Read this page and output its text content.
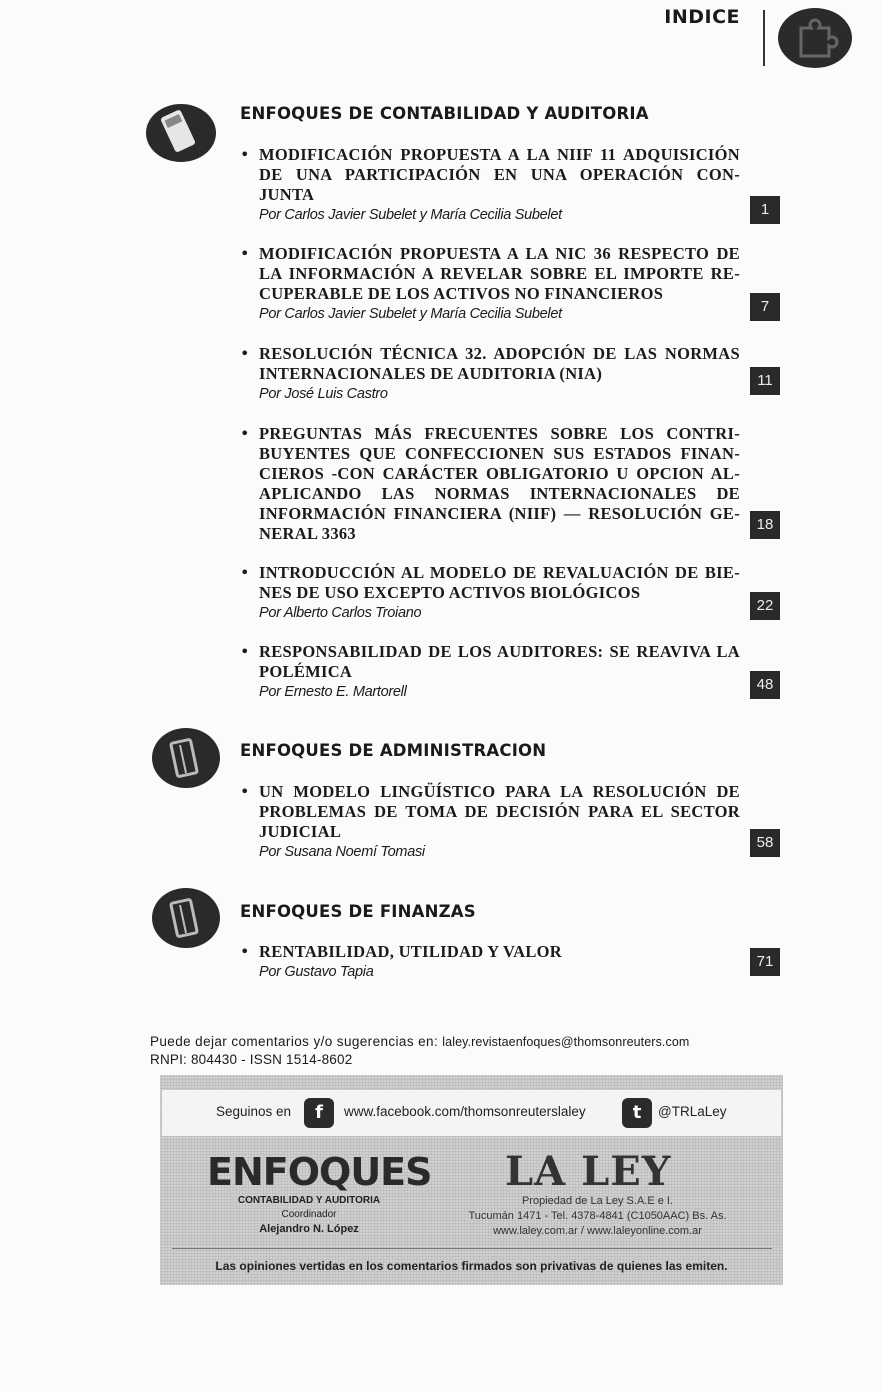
INDICE
ENFOQUES DE CONTABILIDAD Y AUDITORIA
• MODIFICACIÓN PROPUESTA A LA NIIF 11 ADQUISICIÓN DE UNA PARTICIPACIÓN EN UNA OPERACIÓN CON-JUNTA
Por Carlos Javier Subelet y María Cecilia Subelet	1
• MODIFICACIÓN PROPUESTA A LA NIC 36 RESPECTO DE LA INFORMACIÓN A REVELAR SOBRE EL IMPORTE RE-CUPERABLE DE LOS ACTIVOS NO FINANCIEROS
Por Carlos Javier Subelet y María Cecilia Subelet	7
• RESOLUCIÓN TÉCNICA 32. ADOPCIÓN DE LAS NORMAS INTERNACIONALES DE AUDITORIA (NIA)
Por José Luis Castro
11
• PREGUNTAS MÁS FRECUENTES SOBRE LOS CONTRI-BUYENTES QUE CONFECCIONEN SUS ESTADOS FINAN-CIEROS -CON CARÁCTER OBLIGATORIO U OPCION AL- APLICANDO LAS NORMAS INTERNACIONALES DE INFORMACIÓN FINANCIERA (NIIF) — RESOLUCIÓN GE-NERAL 3363	18
• INTRODUCCIÓN AL MODELO DE REVALUACIÓN DE BIE-NES DE USO EXCEPTO ACTIVOS BIOLÓGICOS
Por Alberto Carlos Troiano	22
• RESPONSABILIDAD DE LOS AUDITORES: SE REAVIVA LA POLÉMICA
Por Ernesto E. Martorell	48
ENFOQUES DE ADMINISTRACION
• UN MODELO LINGÜÍSTICO PARA LA RESOLUCIÓN DE PROBLEMAS DE TOMA DE DECISIÓN PARA EL SECTOR JUDICIAL
Por Susana Noemí Tomasi
58
ENFOQUES DE FINANZAS
• RENTABILIDAD, UTILIDAD Y VALOR
Por Gustavo Tapia
71
Puede dejar comentarios y/o sugerencias en: laley.revistaenfoques@thomsonreuters.com
RNPI: 804430 - ISSN 1514-8602
Seguinos en	f	www.facebook.com/thomsonreuterslaley	t	@TRLaLey
ENFOQUES
CONTABILIDAD Y AUDITORIA
Coordinador
Alejandro N. López
LA LEY
Propiedad de La Ley S.A.E e I.
Tucumán 1471 - Tel. 4378-4841 (C1050AAC) Bs. As.
www.laley.com.ar / www.laleyonline.com.ar
Las opiniones vertidas en los comentarios firmados son privativas de quienes las emiten.
